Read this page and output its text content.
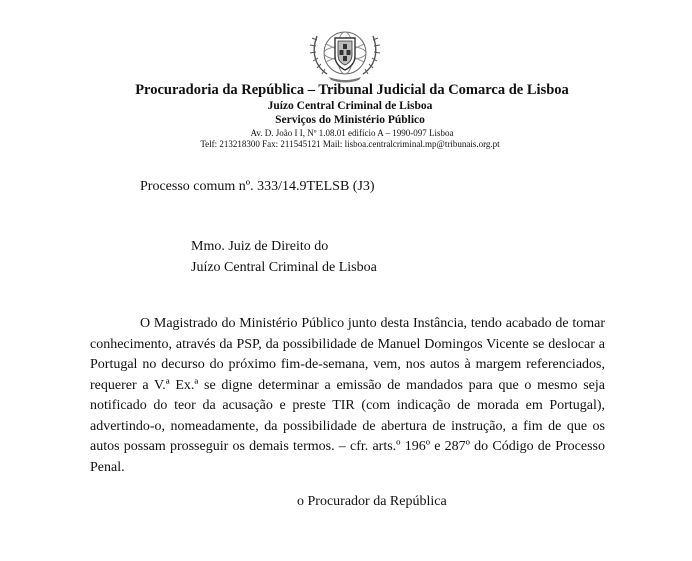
Procuradoria da República – Tribunal Judicial da Comarca de Lisboa
Juízo Central Criminal de Lisboa
Serviços do Ministério Público
Av. D. João I I, Nº 1.08.01 edifício A – 1990-097 Lisboa
Telf: 213218300 Fax: 211545121 Mail: lisboa.centralcriminal.mp@tribunais.org.pt
Processo comum nº. 333/14.9TELSB (J3)
Mmo. Juiz de Direito do
Juízo Central Criminal de Lisboa

O Magistrado do Ministério Público junto desta Instância, tendo acabado de tomar conhecimento, através da PSP, da possibilidade de Manuel Domingos Vicente se deslocar a Portugal no decurso do próximo fim-de-semana, vem, nos autos à margem referenciados, requerer a V.ª Ex.ª se digne determinar a emissão de mandados para que o mesmo seja notificado do teor da acusação e preste TIR (com indicação de morada em Portugal), advertindo-o, nomeadamente, da possibilidade de abertura de instrução, a fim de que os autos possam prosseguir os demais termos. – cfr. arts.º 196º e 287º do Código de Processo Penal.

o Procurador da República
